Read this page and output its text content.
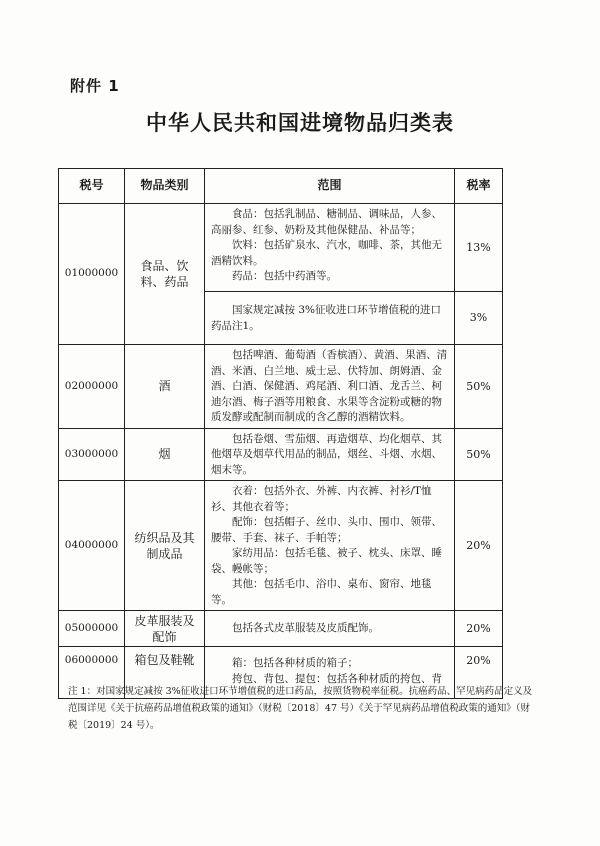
附件 1
中华人民共和国进境物品归类表
税号	物品类别	范围	税率
01000000	食品、饮料、药品	食品：包括乳制品、糖制品、调味品，人参、高丽参、红参、奶粉及其他保健品、补品等；

饮料：包括矿泉水、汽水，咖啡、茶，其他无酒精饮料。

药品：包括中药酒等。	13%

		国家规定减按 3%征收进口环节增值税的进口药品注1。	3%
02000000	酒	包括啤酒、葡萄酒（香槟酒）、黄酒、果酒、清酒、米酒、白兰地、威士忌、伏特加、朗姆酒、金酒、白酒、保健酒、鸡尾酒、利口酒、龙舌兰、柯迪尔酒、梅子酒等用粮食、水果等含淀粉或糖的物质发酵或配制而制成的含乙醇的酒精饮料。	50%
03000000	烟	包括卷烟、雪茄烟、再造烟草、均化烟草、其他烟草及烟草代用品的制品，烟丝、斗烟、水烟、烟末等。	50%
04000000	纺织品及其制成品	衣着：包括外衣、外裤、内衣裤、衬衫/T恤衫、其他衣着等；

配饰：包括帽子、丝巾、头巾、围巾、领带、腰带、手套、袜子、手帕等；

家纺用品：包括毛毯、被子、枕头、床罩、睡袋、幔帐等；

其他：包括毛巾、浴巾、桌布、窗帘、地毯等。	20%
05000000	皮革服装及配饰	包括各式皮革服装及皮质配饰。	20%
06000000	箱包及鞋靴	箱：包括各种材质的箱子；

挎包、背包、提包：包括各种材质的挎包、背	20%

注 1：对国家规定减按 3%征收进口环节增值税的进口药品，按照货物税率征税。抗癌药品、罕见病药品定义及范围详见《关于抗癌药品增值税政策的通知》（财税〔2018〕47 号）《关于罕见病药品增值税政策的通知》（财税〔2019〕24 号）。
